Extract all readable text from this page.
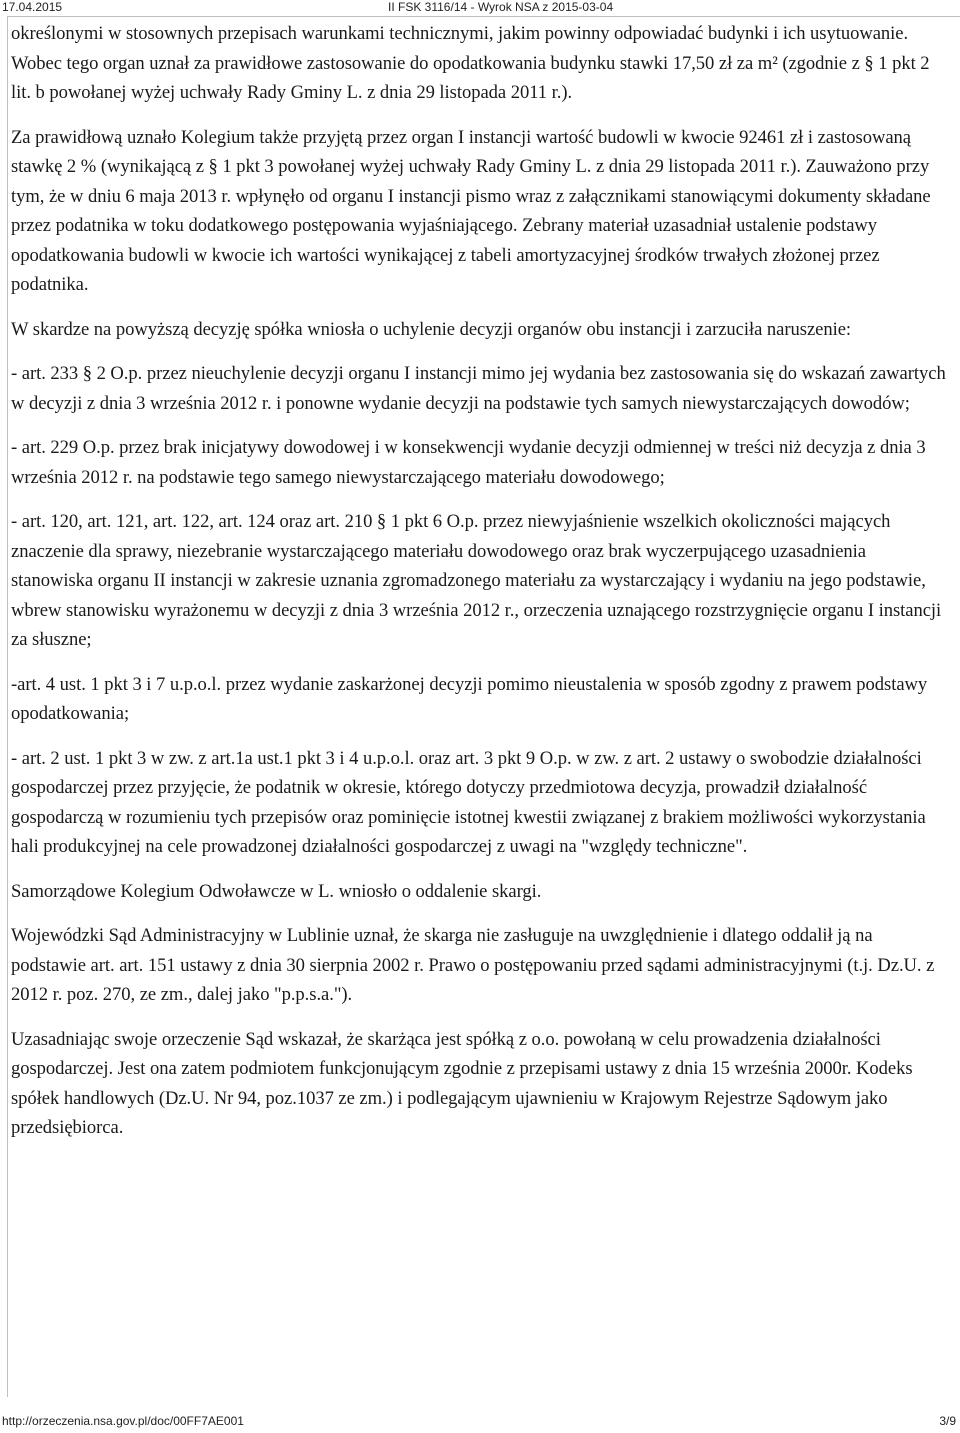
17.04.2015	II FSK 3116/14 - Wyrok NSA z 2015-03-04

określonymi w stosownych przepisach warunkami technicznymi, jakim powinny odpowiadać budynki i ich usytuowanie. Wobec tego organ uznał za prawidłowe zastosowanie do opodatkowania budynku stawki 17,50 zł za m² (zgodnie z § 1 pkt 2 lit. b powołanej wyżej uchwały Rady Gminy L. z dnia 29 listopada 2011 r.).

Za prawidłową uznało Kolegium także przyjętą przez organ I instancji wartość budowli w kwocie 92461 zł i zastosowaną stawkę 2 % (wynikającą z § 1 pkt 3 powołanej wyżej uchwały Rady Gminy L. z dnia 29 listopada 2011 r.). Zauważono przy tym, że w dniu 6 maja 2013 r. wpłynęło od organu I instancji pismo wraz z załącznikami stanowiącymi dokumenty składane przez podatnika w toku dodatkowego postępowania wyjaśniającego. Zebrany materiał uzasadniał ustalenie podstawy opodatkowania budowli w kwocie ich wartości wynikającej z tabeli amortyzacyjnej środków trwałych złożonej przez podatnika.

W skardze na powyższą decyzję spółka wniosła o uchylenie decyzji organów obu instancji i zarzuciła naruszenie:

- art. 233 § 2 O.p. przez nieuchylenie decyzji organu I instancji mimo jej wydania bez zastosowania się do wskazań zawartych w decyzji z dnia 3 września 2012 r. i ponowne wydanie decyzji na podstawie tych samych niewystarczających dowodów;

- art. 229 O.p. przez brak inicjatywy dowodowej i w konsekwencji wydanie decyzji odmiennej w treści niż decyzja z dnia 3 września 2012 r. na podstawie tego samego niewystarczającego materiału dowodowego;

- art. 120, art. 121, art. 122, art. 124 oraz art. 210 § 1 pkt 6 O.p. przez niewyjaśnienie wszelkich okoliczności mających znaczenie dla sprawy, niezebranie wystarczającego materiału dowodowego oraz brak wyczerpującego uzasadnienia stanowiska organu II instancji w zakresie uznania zgromadzonego materiału za wystarczający i wydaniu na jego podstawie, wbrew stanowisku wyrażonemu w decyzji z dnia 3 września 2012 r., orzeczenia uznającego rozstrzygnięcie organu I instancji za słuszne;

-art. 4 ust. 1 pkt 3 i 7 u.p.o.l. przez wydanie zaskarżonej decyzji pomimo nieustalenia w sposób zgodny z prawem podstawy opodatkowania;

- art. 2 ust. 1 pkt 3 w zw. z art.1a ust.1 pkt 3 i 4 u.p.o.l. oraz art. 3 pkt 9 O.p. w zw. z art. 2 ustawy o swobodzie działalności gospodarczej przez przyjęcie, że podatnik w okresie, którego dotyczy przedmiotowa decyzja, prowadził działalność gospodarczą w rozumieniu tych przepisów oraz pominięcie istotnej kwestii związanej z brakiem możliwości wykorzystania hali produkcyjnej na cele prowadzonej działalności gospodarczej z uwagi na "względy techniczne".

Samorządowe Kolegium Odwoławcze w L. wniosło o oddalenie skargi.

Wojewódzki Sąd Administracyjny w Lublinie uznał, że skarga nie zasługuje na uwzględnienie i dlatego oddalił ją na podstawie art. art. 151 ustawy z dnia 30 sierpnia 2002 r. Prawo o postępowaniu przed sądami administracyjnymi (t.j. Dz.U. z 2012 r. poz. 270, ze zm., dalej jako "p.p.s.a.").

Uzasadniając swoje orzeczenie Sąd wskazał, że skarżąca jest spółką z o.o. powołaną w celu prowadzenia działalności gospodarczej. Jest ona zatem podmiotem funkcjonującym zgodnie z przepisami ustawy z dnia 15 września 2000r. Kodeks spółek handlowych (Dz.U. Nr 94, poz.1037 ze zm.) i podlegającym ujawnieniu w Krajowym Rejestrze Sądowym jako przedsiębiorca.

http://orzeczenia.nsa.gov.pl/doc/00FF7AE001	3/9
